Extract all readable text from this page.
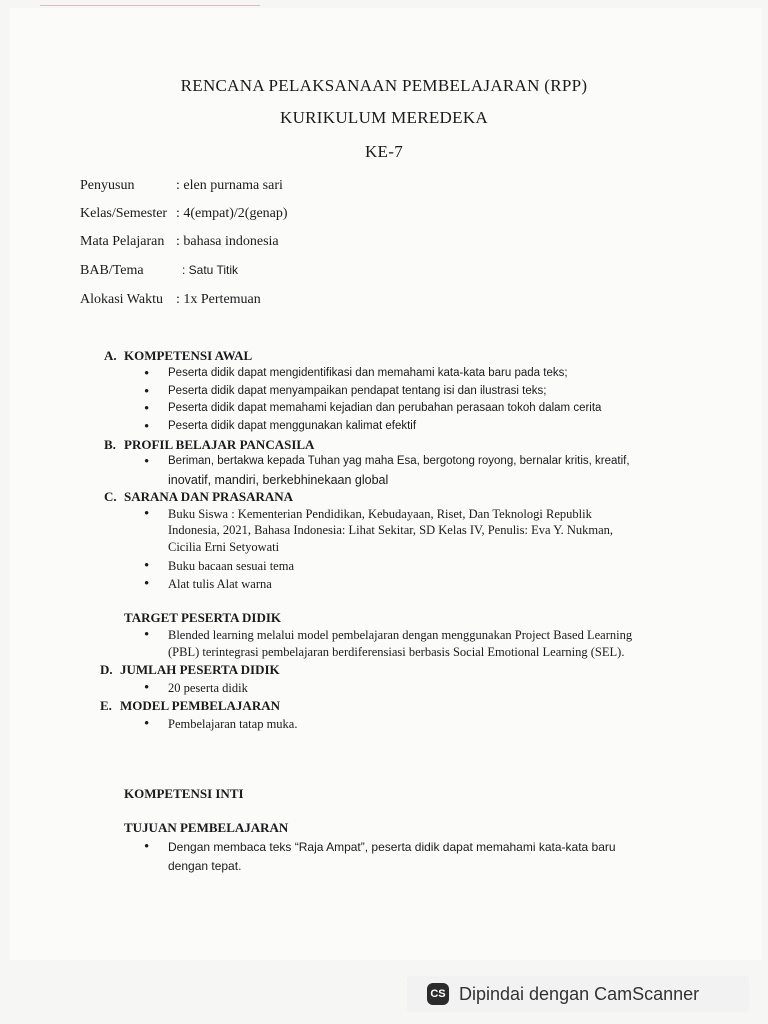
RENCANA PELAKSANAAN PEMBELAJARAN (RPP)
KURIKULUM MEREDEKA
KE-7
Penyusun	: elen purnama sari
Kelas/Semester : 4(empat)/2(genap)
Mata Pelajaran : bahasa indonesia
BAB/Tema	: Satu Titik
Alokasi Waktu : 1x Pertemuan
A. KOMPETENSI AWAL
Peserta didik dapat mengidentifikasi dan memahami kata-kata baru pada teks;
Peserta didik dapat menyampaikan pendapat tentang isi dan ilustrasi teks;
Peserta didik dapat memahami kejadian dan perubahan perasaan tokoh dalam cerita
Peserta didik dapat menggunakan kalimat efektif
B. PROFIL BELAJAR PANCASILA
Beriman, bertakwa kepada Tuhan yag maha Esa, bergotong royong, bernalar kritis, kreatif,
inovatif, mandiri, berkebhinekaan global
C. SARANA DAN PRASARANA
Buku Siswa : Kementerian Pendidikan, Kebudayaan, Riset, Dan Teknologi Republik
Indonesia, 2021, Bahasa Indonesia: Lihat Sekitar, SD Kelas IV, Penulis: Eva Y. Nukman,
Cicilia Erni Setyowati
Buku bacaan sesuai tema
Alat tulis Alat warna
TARGET PESERTA DIDIK
Blended learning melalui model pembelajaran dengan menggunakan Project Based Learning
(PBL) terintegrasi pembelajaran berdiferensiasi berbasis Social Emotional Learning (SEL).
D. JUMLAH PESERTA DIDIK
20 peserta didik
E. MODEL PEMBELAJARAN
Pembelajaran tatap muka.
KOMPETENSI INTI
TUJUAN PEMBELAJARAN
Dengan membaca teks “Raja Ampat”, peserta didik dapat memahami kata-kata baru
dengan tepat.
CS Dipindai dengan CamScanner
